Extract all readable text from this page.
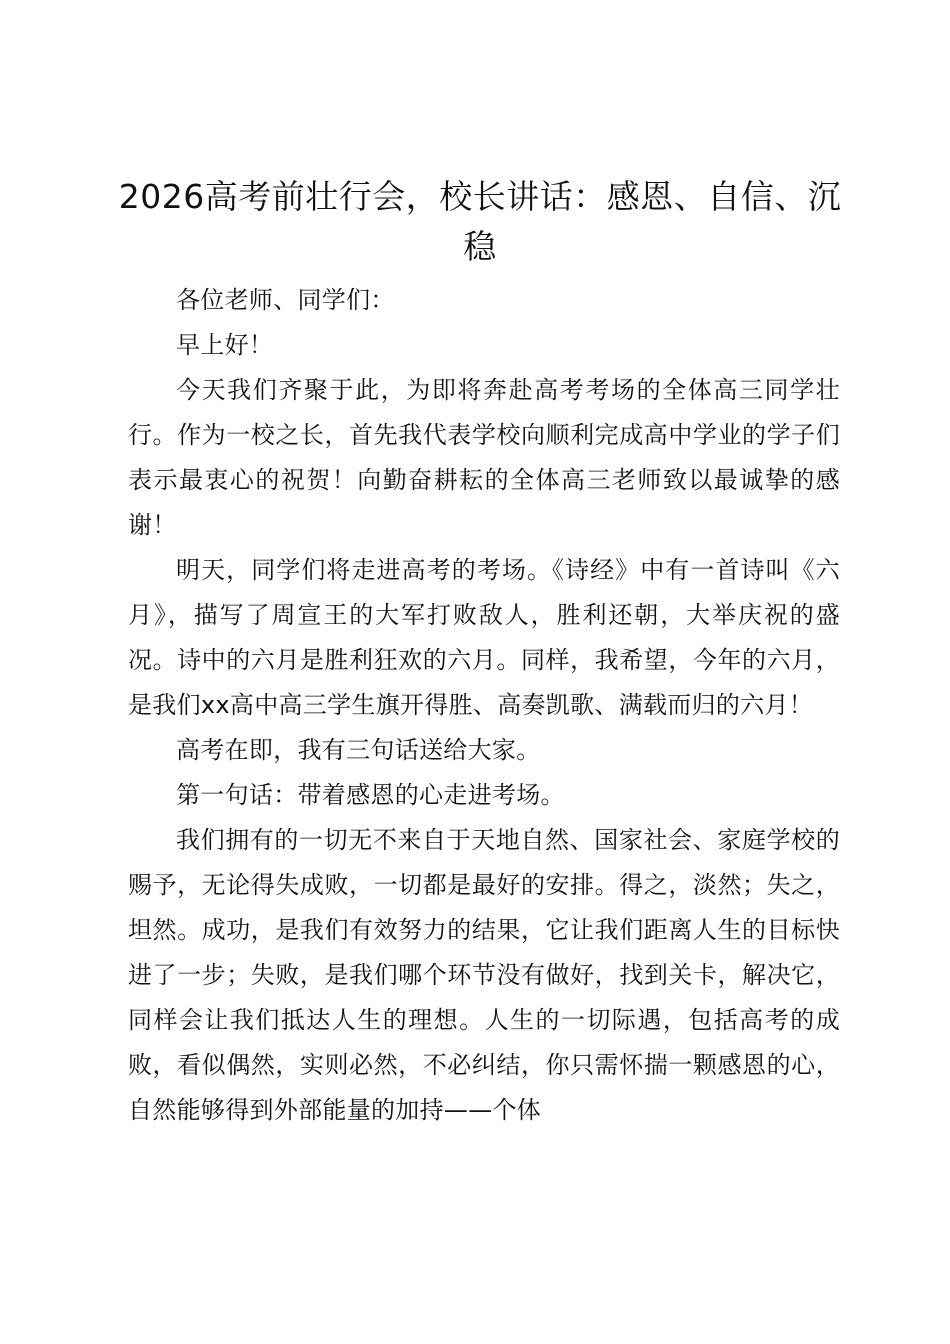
2026高考前壮行会，校长讲话：感恩、自信、沉稳

各位老师、同学们：

早上好！

今天我们齐聚于此，为即将奔赴高考考场的全体高三同学壮行。作为一校之长，首先我代表学校向顺利完成高中学业的学子们表示最衷心的祝贺！向勤奋耕耘的全体高三老师致以最诚挚的感谢！

明天，同学们将走进高考的考场。《诗经》中有一首诗叫《六月》，描写了周宣王的大军打败敌人，胜利还朝，大举庆祝的盛况。诗中的六月是胜利狂欢的六月。同样，我希望，今年的六月，是我们xx高中高三学生旗开得胜、高奏凯歌、满载而归的六月！

高考在即，我有三句话送给大家。

第一句话：带着感恩的心走进考场。

我们拥有的一切无不来自于天地自然、国家社会、家庭学校的赐予，无论得失成败，一切都是最好的安排。得之，淡然；失之，坦然。成功，是我们有效努力的结果，它让我们距离人生的目标快进了一步；失败，是我们哪个环节没有做好，找到关卡，解决它，同样会让我们抵达人生的理想。人生的一切际遇，包括高考的成败，看似偶然，实则必然，不必纠结，你只需怀揣一颗感恩的心，自然能够得到外部能量的加持——个体
